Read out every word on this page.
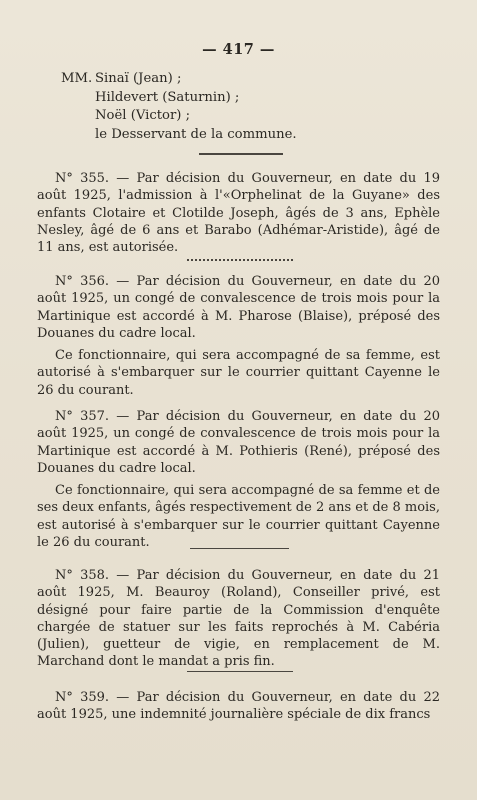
— 417 —
MM. Sinaï (Jean) ;
Hildevert (Saturnin) ;
Noël (Victor) ;
le Desservant de la commune.

N° 355. — Par décision du Gouverneur, en date du 19 août 1925, l'admission à l'«Orphelinat de la Guyane» des enfants Clotaire et Clotilde Joseph, âgés de 3 ans, Ephèle Nesley, âgé de 6 ans et Barabo (Adhémar-Aristide), âgé de 11 ans, est autorisée.

N° 356. — Par décision du Gouverneur, en date du 20 août 1925, un congé de convalescence de trois mois pour la Martinique est accordé à M. Pharose (Blaise), préposé des Douanes du cadre local.

Ce fonctionnaire, qui sera accompagné de sa femme, est autorisé à s'embarquer sur le courrier quittant Cayenne le 26 du courant.

N° 357. — Par décision du Gouverneur, en date du 20 août 1925, un congé de convalescence de trois mois pour la Martinique est accordé à M. Pothieris (René), préposé des Douanes du cadre local.

Ce fonctionnaire, qui sera accompagné de sa femme et de ses deux enfants, âgés respectivement de 2 ans et de 8 mois, est autorisé à s'embarquer sur le courrier quittant Cayenne le 26 du courant.

N° 358. — Par décision du Gouverneur, en date du 21 août 1925, M. Beauroy (Roland), Conseiller privé, est désigné pour faire partie de la Commission d'enquête chargée de statuer sur les faits reprochés à M. Cabéria (Julien), guetteur de vigie, en remplacement de M. Marchand dont le mandat a pris fin.

N° 359. — Par décision du Gouverneur, en date du 22 août 1925, une indemnité journalière spéciale de dix francs
